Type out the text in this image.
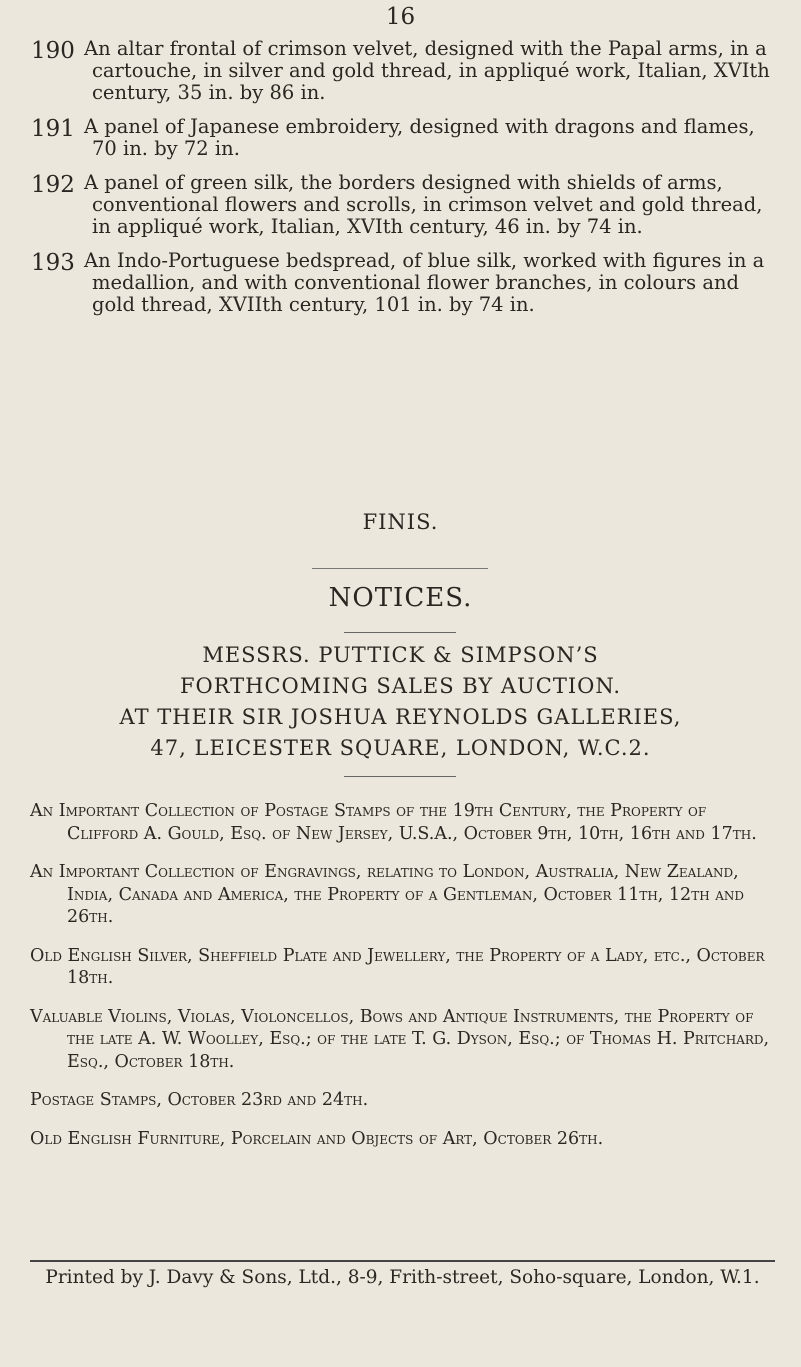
16
190 An altar frontal of crimson velvet, designed with the Papal arms, in a cartouche, in silver and gold thread, in appliqué work, Italian, XVIth century, 35 in. by 86 in.
191 A panel of Japanese embroidery, designed with dragons and flames, 70 in. by 72 in.
192 A panel of green silk, the borders designed with shields of arms, conventional flowers and scrolls, in crimson velvet and gold thread, in appliqué work, Italian, XVIth century, 46 in. by 74 in.
193 An Indo-Portuguese bedspread, of blue silk, worked with figures in a medallion, and with conventional flower branches, in colours and gold thread, XVIIth century, 101 in. by 74 in.
FINIS.
NOTICES.
MESSRS. PUTTICK & SIMPSON’S
FORTHCOMING SALES BY AUCTION.
AT THEIR SIR JOSHUA REYNOLDS GALLERIES,
47, LEICESTER SQUARE, LONDON, W.C.2.
An Important Collection of Postage Stamps of the 19th Century, the Property of Clifford A. Gould, Esq. of New Jersey, U.S.A., October 9th, 10th, 16th and 17th.
An Important Collection of Engravings, relating to London, Australia, New Zealand, India, Canada and America, the Property of a Gentleman, October 11th, 12th and 26th.
Old English Silver, Sheffield Plate and Jewellery, the Property of a Lady, etc., October 18th.
Valuable Violins, Violas, Violoncellos, Bows and Antique Instruments, the Property of the late A. W. Woolley, Esq.; of the late T. G. Dyson, Esq.; of Thomas H. Pritchard, Esq., October 18th.
Postage Stamps, October 23rd and 24th.
Old English Furniture, Porcelain and Objects of Art, October 26th.
Printed by J. Davy & Sons, Ltd., 8-9, Frith-street, Soho-square, London, W.1.
